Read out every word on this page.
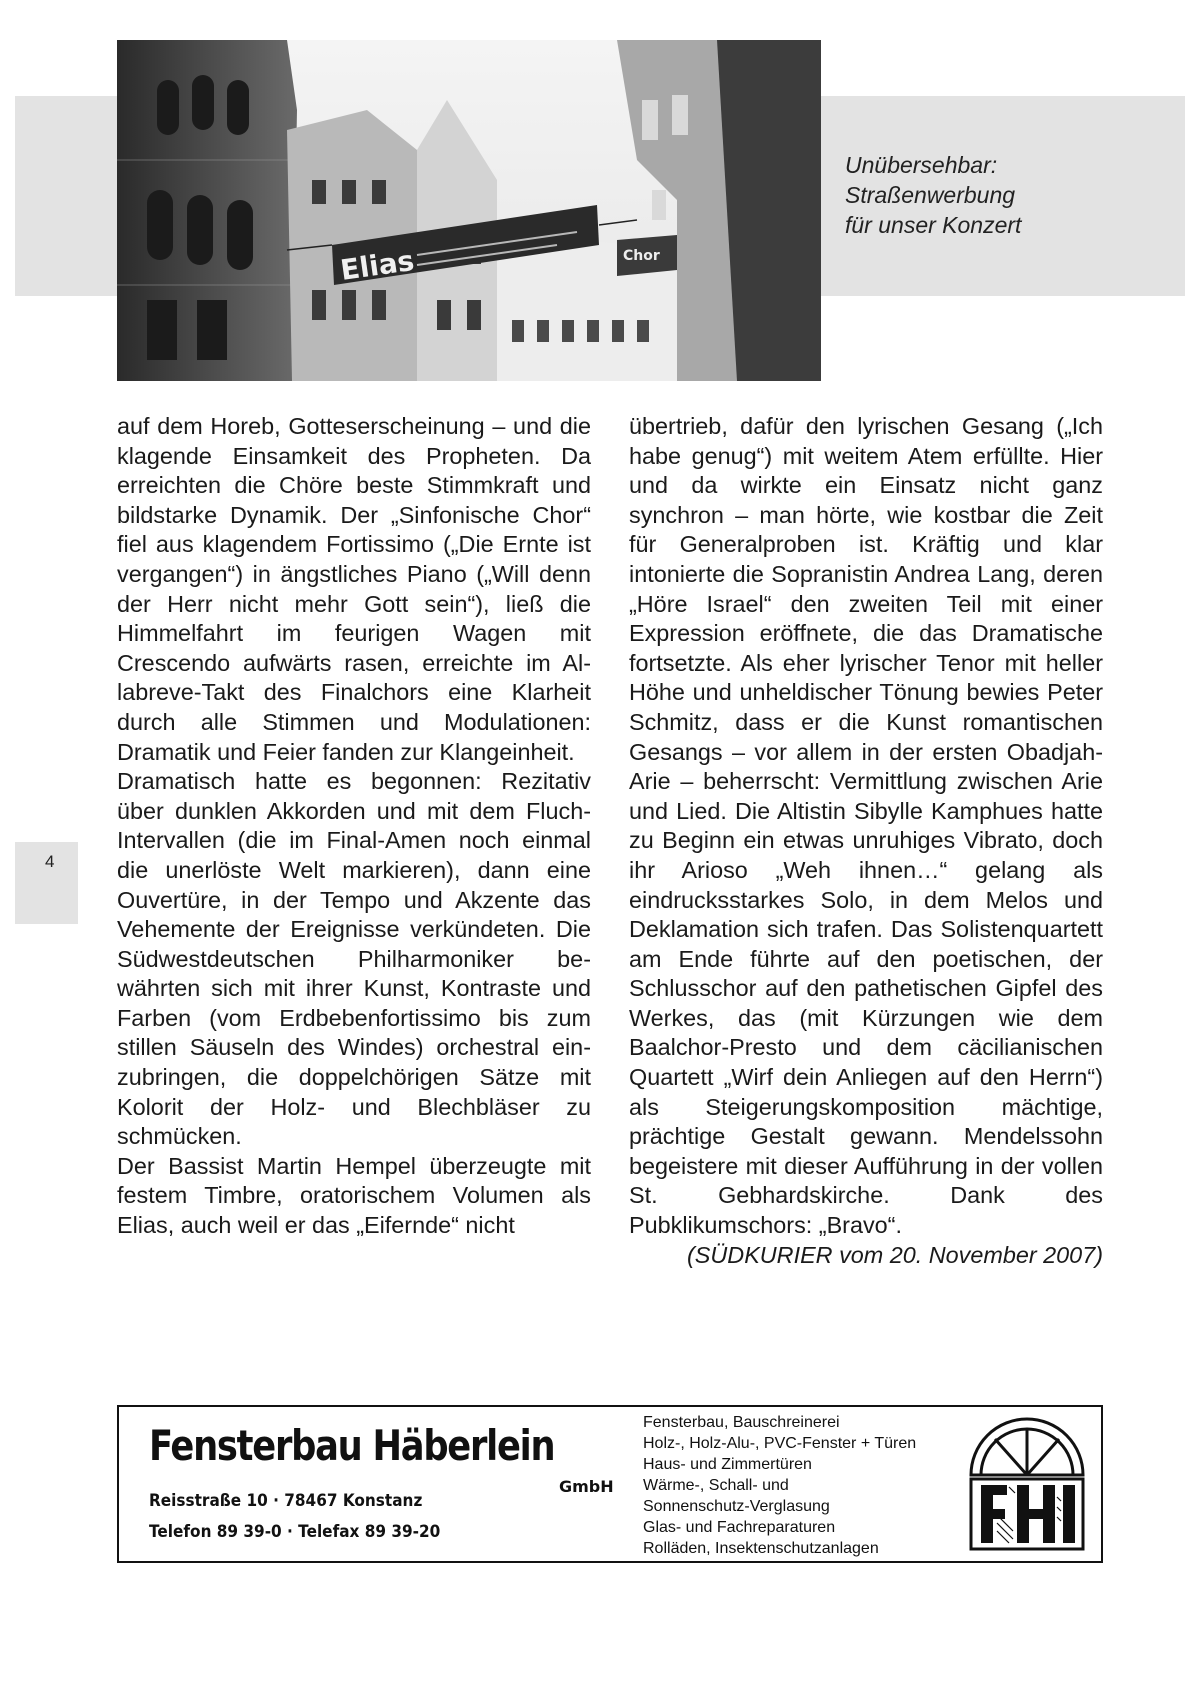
Elias	Chor
Unübersehbar:
Straßenwerbung
für unser Konzert
4

auf dem Horeb, Gotteserscheinung – und die klagende Einsamkeit des Propheten. Da erreichten die Chöre beste Stimmkraft und bildstarke Dynamik. Der „Sinfonische Chor“ fiel aus klagendem Fortissimo („Die Ernte ist vergangen“) in ängstliches Piano („Will denn der Herr nicht mehr Gott sein“), ließ die Himmelfahrt im feurigen Wagen mit Crescendo aufwärts rasen, erreichte im Allabreve-Takt des Finalchors eine Klarheit durch alle Stimmen und Modulationen: Dramatik und Feier fanden zur Klangeinheit.

Dramatisch hatte es begonnen: Rezitativ über dunklen Akkorden und mit dem Fluch-Intervallen (die im Final-Amen noch einmal die unerlöste Welt markieren), dann eine Ouvertüre, in der Tempo und Akzente das Vehemente der Ereignisse verkündeten. Die Südwestdeutschen Philharmoniker bewährten sich mit ihrer Kunst, Kontraste und Farben (vom Erdbebenfortissimo bis zum stillen Säuseln des Windes) orchestral einzubringen, die doppelchörigen Sätze mit Kolorit der Holz- und Blechbläser zu schmücken.

Der Bassist Martin Hempel überzeugte mit festem Timbre, oratorischem Volumen als Elias, auch weil er das „Eifernde“ nicht

übertrieb, dafür den lyrischen Gesang („Ich habe genug“) mit weitem Atem erfüllte. Hier und da wirkte ein Einsatz nicht ganz synchron – man hörte, wie kostbar die Zeit für Generalproben ist. Kräftig und klar intonierte die Sopranistin Andrea Lang, deren „Höre Israel“ den zweiten Teil mit einer Expression eröffnete, die das Dramatische fortsetzte. Als eher lyrischer Tenor mit heller Höhe und unheldischer Tönung bewies Peter Schmitz, dass er die Kunst romantischen Gesangs – vor allem in der ersten Obadjah-Arie – beherrscht: Vermittlung zwischen Arie und Lied. Die Altistin Sibylle Kamphues hatte zu Beginn ein etwas unruhiges Vibrato, doch ihr Arioso „Weh ihnen…“ gelang als eindrucksstarkes Solo, in dem Melos und Deklamation sich trafen. Das Solistenquartett am Ende führte auf den poetischen, der Schlusschor auf den pathetischen Gipfel des Werkes, das (mit Kürzungen wie dem Baalchor-Presto und dem cäcilianischen Quartett „Wirf dein Anliegen auf den Herrn“) als Steigerungskomposition mächtige, prächtige Gestalt gewann. Mendelssohn begeistere mit dieser Aufführung in der vollen St. Gebhardskirche. Dank des Pubklikumschors: „Bravo“.

(SÜDKURIER vom 20. November 2007)

Fensterbau Häberlein
GmbH
Reisstraße 10 · 78467 Konstanz
Telefon 89 39-0 · Telefax 89 39-20
Fensterbau, Bauschreinerei
Holz-, Holz-Alu-, PVC-Fenster + Türen
Haus- und Zimmertüren
Wärme-, Schall- und
Sonnenschutz-Verglasung
Glas- und Fachreparaturen
Rolläden, Insektenschutzanlagen
